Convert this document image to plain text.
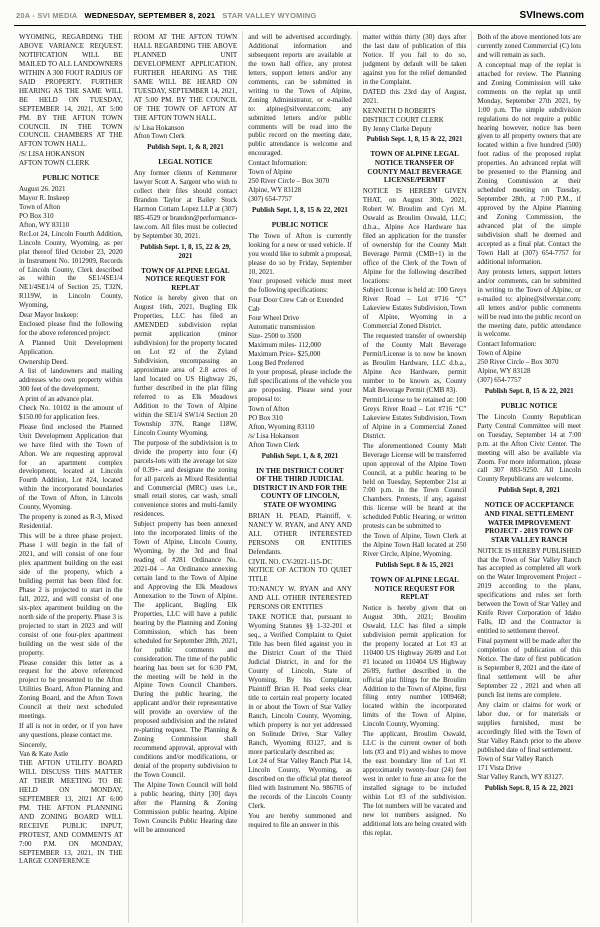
20A - SVI MEDIA WEDNESDAY, SEPTEMBER 8, 2021 STAR VALLEY WYOMING	SVInews.com
WYOMING, REGARDING THE ABOVE VARIANCE REQUEST. NOTIFICATION WILL BE MAILED TO ALL LANDOWNERS WITHIN A 300 FOOT RADIUS OF SAID PROPERTY. FURTHER HEARING AS THE SAME WILL BE HELD ON TUESDAY, SEPTEMBER 14, 2021, AT 5:00 PM. BY THE AFTON TOWN COUNCIL IN THE TOWN COUNCIL CHAMBERS AT THE AFTON TOWN HALL.
/S/ LISA HOKANSON
AFTON TOWN CLERK
PUBLIC NOTICE
August 26. 2021
Mayor R. Inskeep
Town of Afton
PO Box 310
Afton, WY 83110
Re:Lot 24, Lincoln Fourth Addition, Lincoln County, Wyoming, as per plat thereof filed October 23, 2020 in Instrument No. 1012909, Records of Lincoln County, Clerk described as within the SE1/4SE1/4 NE1/4SE1/4 of Section 25, T32N, R119W, in Lincoln County, Wyoming,
Dear Mayor Inskeep:
Enclosed please find the following for the above referenced project:
A Planned Unit Development Application.
Ownership Deed.
A list of landowners and mailing addresses who own property within 300 feet of the development.
A print of an advance plat.
Check No. 10102 in the amount of $150.00 for application fees.
Please find enclosed the Planned Unit Development Application that we have filed with the Town of Afton. We are requesting approval for an apartment complex development, located at Lincoln Fourth Addition, Lot #24, located within the incorporated boundaries of the Town of Afton, in Lincoln County, Wyoming.
The property is zoned as R-3, Mixed Residential.
This will be a three phase project. Phase 1 will begin in the fall of 2021, and will consist of one four plex apartment building on the east side of the property, which a building permit has been filed for. Phase 2 is projected to start in the fall, 2022, and will consist of one six-plex apartment building on the north side of the property. Phase 3 is projected to start in 2023 and will consist of one four-plex apartment building on the west side of the property.
Please consider this letter as a request for the above referenced project to be presented to the Afton Utilities Board, Afton Planning and Zoning Board, and the Afton Town Council at their next scheduled meetings.
If all is not in order, or if you have any questions, please contact me.
Sincerely,
Van & Kate Astle
THE AFTON UTILITY BOARD WILL DISCUSS THIS MATTER AT THEIR MEETING TO BE HELD ON MONDAY, SEPTEMBER 13, 2021 AT 6:00 PM. THE AFTON PLANNING AND ZONING BOARD WILL RECEIVE PUBLIC INPUT, PROTEST, AND COMMENTS AT 7:00 P.M. ON MONDAY, SEPTEMBER 13, 2021, IN THE LARGE CONFERENCE
ROOM AT THE AFTON TOWN HALL REGARDING THE ABOVE PLANNED UNIT DEVELOPMENT APPLICATION. FURTHER HEARING AS THE SAME WILL BE HEARD ON TUESDAY, SEPTEMBER 14, 2021, AT 5:00 PM. BY THE COUNCIL OF THE TOWN OF AFTON AT THE AFTON TOWN HALL.
/s/ Lisa Hokanson
Afton Town Clerk
Publish Sept. 1, & 8, 2021
LEGAL NOTICE
Any former clients of Kemmerer lawyer Scott A. Sargent who wish to collect their files should contact Brandon Taylor at Bailey Stock Harmon Cottam Lopez LLP at (307) 885-4529 or brandon@performance-law.com. All files must be collected by September 30, 2021.
Publish Sept. 1, 8, 15, 22 & 29, 2021
TOWN OF ALPINE LEGAL NOTICE REQUEST FOR REPLAT
Notice is hereby given that on August 16th, 2021, Bugling Elk Properties, LLC has filed an AMENDED subdivision replat permit application (minor subdivision) for the property located on Lot #2 of the Zyland Subdivision, encompassing an approximate area of 2.8 acres of land located on US Highway 26, further described in the plat filing referred to as Elk Meadows Addition to the Town of Alpine within the SE1/4 SW1/4 Section 20 Township 37N, Range 118W, Lincoln County Wyoming.
The purpose of the subdivision is to divide the property into four (4) parcels-lots with the average lot size of 0.39+- and designate the zoning for all parcels as Mixed Residential and Commercial (MRC) uses i.e., small retail stores, car wash, small convenience stores and multi-family residences.
Subject property has been annexed into the incorporated limits of the Town of Alpine, Lincoln County, Wyoming, by the 3rd and final reading of #281 Ordinance No. 2021-04 – An Ordinance annexing certain land to the Town of Alpine and Approving the Elk Meadows Annexation to the Town of Alpine. The applicant, Bugling Elk Properties, LLC will have a public hearing by the Planning and Zoning Commission, which has been scheduled for September 28th, 2021, for public comments and consideration. The time of the public hearing has been set for 6:30 PM, the meeting will be held in the Alpine Town Council Chambers. During the public hearing, the applicant and/or their representative will provide an overview of the proposed subdivision and the related re-platting request. The Planning & Zoning Commission shall recommend approval, approval with conditions and/or modifications, or denial of the property subdivision to the Town Council.
The Alpine Town Council will hold a public hearing, thirty [30] days after the Planning & Zoning Commission public hearing. Alpine Town Councils Public Hearing date will be announced
and will be advertised accordingly. Additional information and subsequent reports are available at the town hall office, any protest letters, support letters and/or any comments, can be submitted in writing to the Town of Alpine, Zoning Administrator, or e-mailed to: alpine@silverstar.com; any submitted letters and/or public comments will be read into the public record on the meeting date, public attendance is welcome and encouraged.
Contact Information:
Town of Alpine
250 River Circle – Box 3070
Alpine, WY 83128
(307) 654-7757
Publish Sept. 1, 8, 15 & 22, 2021
PUBLIC NOTICE
The Town of Afton is currently looking for a new or used vehicle. If you would like to submit a proposal, please do so by Friday, September 10, 2021.
Your proposed vehicle must meet the following specifications:
Four Door Crew Cab or Extended Cab
Four Wheel Drive
Automatic transmission
Size- 2500 to 3500
Maximum miles- 112,000
Maximum Price- $25,000
Long Bed Preferred
In your proposal, please include the full specifications of the vehicle you are proposing. Please send your proposal to:
Town of Afton
PO Box 310
Afton, Wyoming 83110
/s/ Lisa Hokanson
Afton Town Clerk
Publish Sept. 1, & 8, 2021
IN THE DISTRICT COURT OF THE THIRD JUDICIAL DISTRICT IN AND FOR THE COUNTY OF LINCOLN, STATE OF WYOMING
BRIAN H. PEAD, Plaintiff, v. NANCY W. RYAN, and ANY AND ALL OTHER INTERESTED PERSONS OR ENTITIES Defendants.
CIVIL NO. CV-2021-115-DC
NOTICE OF ACTION TO QUIET TITLE
TO:NANCY W. RYAN and ANY AND ALL OTHER INTERESTED PERSONS OR ENTITIES
TAKE NOTICE that, pursuant to Wyoming Statutes §§ 1-32-201 et seq., a Verified Complaint to Quiet Title has been filed against you in the District Court of the Third Judicial District, in and for the County of Lincoln, State of Wyoming. By his Complaint, Plaintiff Brian H. Pead seeks clear title to certain real property located in or about the Town of Star Valley Ranch, Lincoln County, Wyoming, which property is not yet addressed on Solitude Drive, Star Valley Ranch, Wyoming 83127, and is more particularly described as:
Lot 24 of Star Valley Ranch Plat 14, Lincoln County, Wyoming, as described on the official plat thereof filed with Instrument No. 986705 of the records of the Lincoln County Clerk.
You are hereby summoned and required to file an answer in this
matter within thirty (30) days after the last date of publication of this Notice. If you fail to do so, judgment by default will be taken against you for the relief demanded in the Complaint.
DATED this 23rd day of August, 2021.
KENNETH D ROBERTS
DISTRICT COURT CLERK
By Jenny Clarke Deputy
Publish Sept. 1, 8, 15 & 22, 2021
TOWN OF ALPINE LEGAL NOTICE TRANSFER OF COUNTY MALT BEVERAGE LICENSE/PERMIT
NOTICE IS HEREBY GIVEN THAT, on August 30th, 2021, Robert W. Broulim and Cyri M. Oswald as Broulim Oswald, LLC; d.b.a., Alpine Ace Hardware has filed an application for the transfer of ownership for the County Malt Beverage Permit (CMB+1) in the office of the Clerk of the Town of Alpine for the following described locations:
Subject license is held at: 100 Greys River Road – Lot #716 “C” Lakeview Estates Subdivision, Town of Alpine, Wyoming in a Commercial Zoned District.
The requested transfer of ownership of the County Malt Beverage Permit/License is to now be known as Broulim Hardware, LLC d.b.a., Alpine Ace Hardware, permit number to be known as, County Malt Beverage Permit (CMB #3).
Permit/License to be retained at: 100 Greys River Road – Lot #716 “C” Lakeview Estates Subdivision, Town of Alpine in a Commercial Zoned District.
The aforementioned County Malt Beverage License will be transferred upon approval of the Alpine Town Council, at a public hearing to be held on Tuesday, September 21st at 7:00 p.m. in the Town Council Chambers. Protests, if any, against this license will be heard at the scheduled Public Hearing, or written protests can be submitted to
the Town of Alpine, Town Clerk at the Alpine Town Hall located at 250 River Circle, Alpine, Wyoming.
Publish Sept. 8 & 15, 2021
TOWN OF ALPINE LEGAL NOTICE REQUEST FOR REPLAT
Notice is hereby given that on August 30th, 2021; Broulim Oswald, LLC has filed a simple subdivision permit application for the property located at Lot #3 at 110400 US Highway 26/89 and Lot #1 located on 110404 US Highway 26/89, further described in the official plat filings for the Broulim Addition to the Town of Alpine, first filing entry number 1009468; located within the incorporated limits of the Town of Alpine, Lincoln County, Wyoming.
The applicant, Broulim Oswald, LLC is the current owner of both lots (#3 and #1) and wishes to move the east boundary line of Lot #1 approximately twenty-four (24) feet west in order to fuse an area for the installed signage to be included within Lot #3 of the subdivision. The lot numbers will be vacated and new lot numbers assigned. No additional lots are being created with this replat.
Both of the above mentioned lots are currently zoned Commercial (C) lots and will remain as such.
A conceptual map of the replat is attached for review. The Planning and Zoning Commission will take comments on the replat up until Monday, September 27th 2021, by 1:00 p.m. The simple subdivision regulations do not require a public hearing however, notice has been given to all property owners that are located within a five hundred (500) foot radius of the proposed replat properties. An advanced replat will be presented to the Planning and Zoning Commission at their scheduled meeting on Tuesday, September 28th, at 7:00 P.M., if approved by the Alpine Planning and Zoning Commission, the advanced plat of the simple subdivision shall be deemed and accepted as a final plat. Contact the Town Hall at (307) 654-7757 for additional information.
Any protests letters, support letters and/or comments, can be submitted in writing to the Town of Alpine, or e-mailed to: alpine@silverstar.com; all letters and/or public comments will be read into the public record on the meeting date, public attendance is welcome.
Contact Information:
Town of Alpine
250 River Circle – Box 3070
Alpine, WY 83128
(307) 654-7757
Publish Sept. 8, 15 & 22, 2021
PUBLIC NOTICE
The Lincoln County Republican Party Central Committee will meet on Tuesday, September 14 at 7:00 p.m. at the Afton Civic Center. The meeting will also be available via Zoom. For more information, please call 307 883-9250. All Lincoln County Republicans are welcome.
Publish Sept. 8, 2021
NOTICE OF ACCEPTANCE AND FINAL SETTLEMENT WATER IMPROVEMENT PROJECT - 2019 TOWN OF STAR VALLEY RANCH
NOTICE IS HEREBY PUBLISHED that the Town of Star Valley Ranch has accepted as completed all work on the Water Improvement Project - 2019 according to the plans, specifications and rules set forth between the Town of Star Valley and Knife River Corporation of Idaho Falls, ID and the Contractor is entitled to settlement thereof.
Final payment will be made after the completion of publication of this Notice. The date of first publication is September 8, 2021 and the date of final settlement will be after September 22 , 2021 and when all punch list items are complete.
Any claim or claims for work or labor due, or for materials or supplies furnished, must be accordingly filed with the Town of Star Valley Ranch prior to the above published date of final settlement.
Town of Star Valley Ranch
171 Vista Drive
Star Valley Ranch, WY 83127.
Publish Sept. 8, 15 & 22, 2021
